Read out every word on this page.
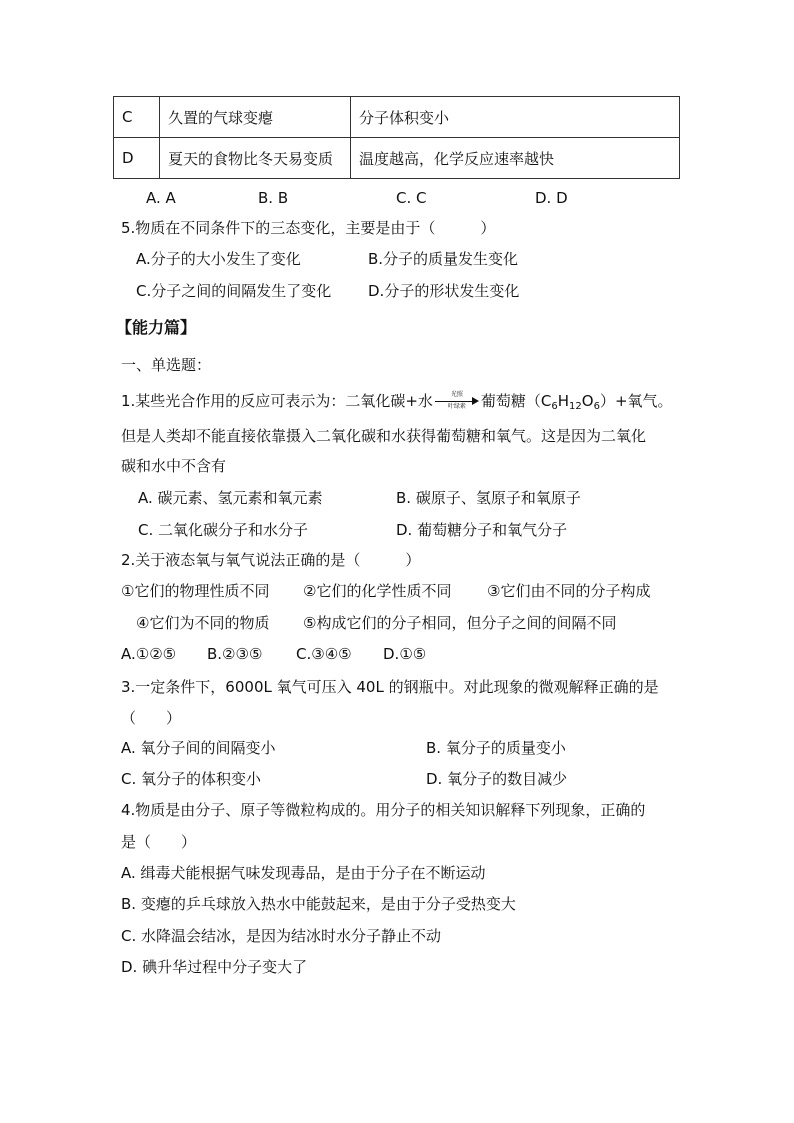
C	久置的气球变瘪	分子体积变小
D	夏天的食物比冬天易变质	温度越高，化学反应速率越快
A. A	B. B	C. C	D. D
5.物质在不同条件下的三态变化，主要是由于（　　　）
A.分子的大小发生了变化	B.分子的质量发生变化
C.分子之间的间隔发生了变化 D.分子的形状发生变化
【能力篇】
一、单选题：
1.某些光合作用的反应可表示为：二氧化碳+水	光照
叶绿素	葡萄糖$(C_6H_{12}O_6)+$氧气。
但是人类却不能直接依靠摄入二氧化碳和水获得葡萄糖和氧气。这是因为二氧化
碳和水中不含有
A. 碳元素、氢元素和氧元素	B. 碳原子、氢原子和氧原子
C. 二氧化碳分子和水分子	D. 葡萄糖分子和氧气分子
2.关于液态氧与氧气说法正确的是（　　　）
①它们的物理性质不同 ②它们的化学性质不同 ③它们由不同的分子构成
④它们为不同的物质 ⑤构成它们的分子相同，但分子之间的间隔不同
A.①②⑤ B.②③⑤ C.③④⑤ D.①⑤
3.一定条件下，6000L 氧气可压入 40L 的钢瓶中。对此现象的微观解释正确的是
（　　）
A. 氧分子间的间隔变小	B. 氧分子的质量变小
C. 氧分子的体积变小	D. 氧分子的数目减少
4.物质是由分子、原子等微粒构成的。用分子的相关知识解释下列现象，正确的
是（　　）
A. 缉毒犬能根据气味发现毒品，是由于分子在不断运动
B. 变瘪的乒乓球放入热水中能鼓起来，是由于分子受热变大
C. 水降温会结冰，是因为结冰时水分子静止不动
D. 碘升华过程中分子变大了
